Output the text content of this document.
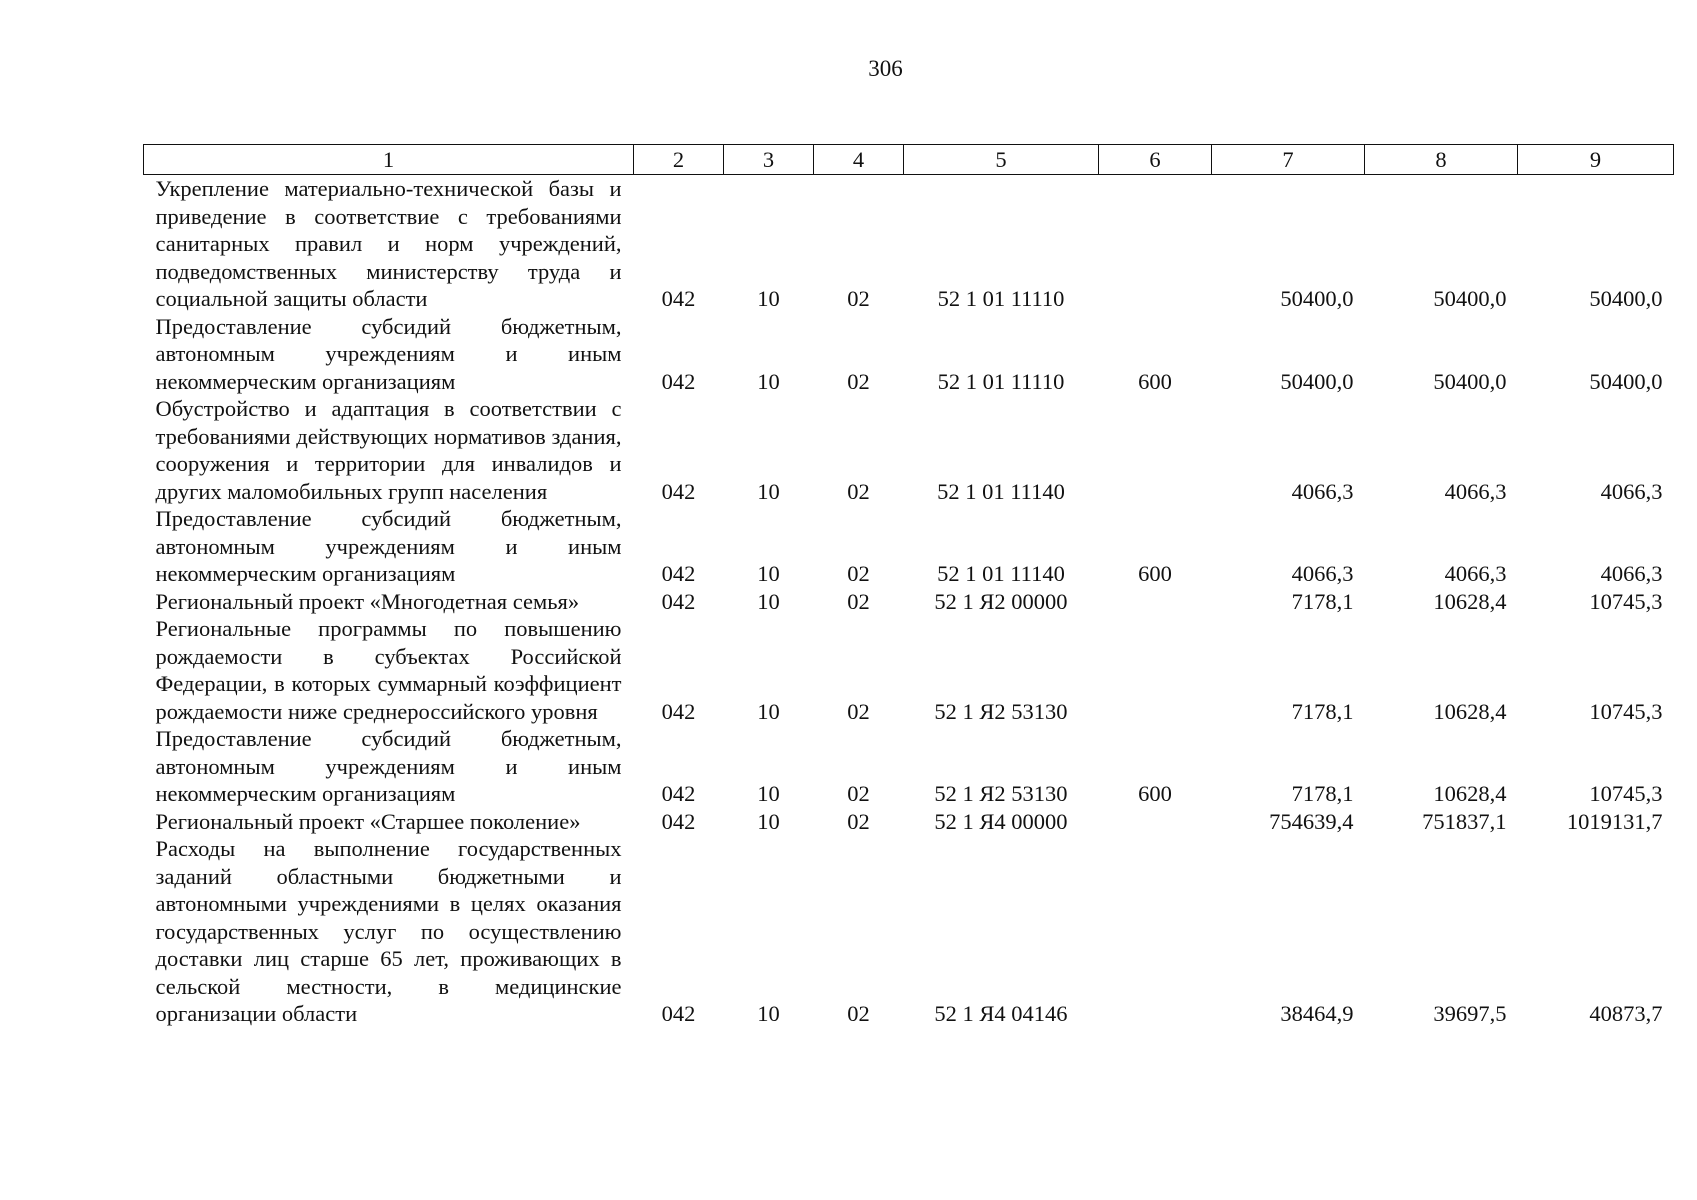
306
1	2	3	4	5	6	7	8	9
Укрепление материально-технической базы и приведение в соответствие с требованиями санитарных правил и норм учреждений, подведомственных министерству труда и социальной защиты области	042	10	02	52 1 01 11110		50400,0	50400,0	50400,0
Предоставление субсидий бюджетным, автономным учреждениям и иным некоммерческим организациям	042	10	02	52 1 01 11110	600	50400,0	50400,0	50400,0
Обустройство и адаптация в соответствии с требованиями действующих нормативов здания, сооружения и территории для инвалидов и других маломобильных групп населения	042	10	02	52 1 01 11140		4066,3	4066,3	4066,3
Предоставление субсидий бюджетным, автономным учреждениям и иным некоммерческим организациям	042	10	02	52 1 01 11140	600	4066,3	4066,3	4066,3
Региональный проект «Многодетная семья»	042	10	02	52 1 Я2 00000		7178,1	10628,4	10745,3
Региональные программы по повышению рождаемости в субъектах Российской Федерации, в которых суммарный коэффициент рождаемости ниже среднероссийского уровня	042	10	02	52 1 Я2 53130		7178,1	10628,4	10745,3
Предоставление субсидий бюджетным, автономным учреждениям и иным некоммерческим организациям	042	10	02	52 1 Я2 53130	600	7178,1	10628,4	10745,3
Региональный проект «Старшее поколение»	042	10	02	52 1 Я4 00000		754639,4	751837,1	1019131,7
Расходы на выполнение государственных заданий областными бюджетными и автономными учреждениями в целях оказания государственных услуг по осуществлению доставки лиц старше 65 лет, проживающих в сельской местности, в медицинские организации области	042	10	02	52 1 Я4 04146		38464,9	39697,5	40873,7
